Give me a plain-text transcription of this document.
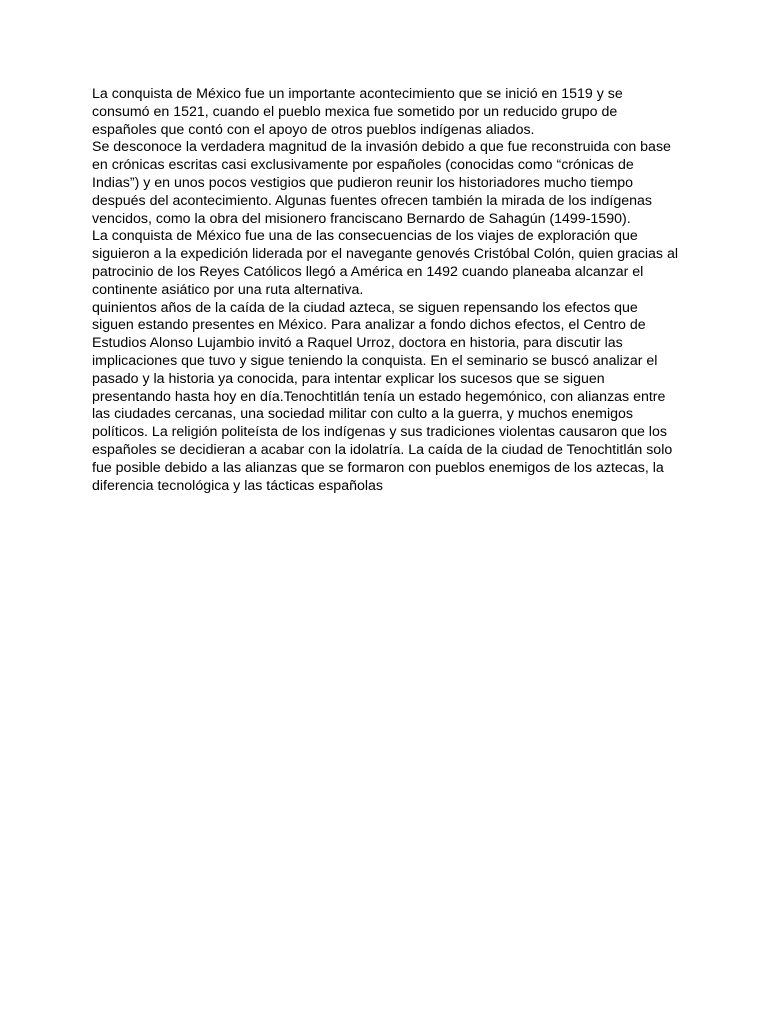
La conquista de México fue un importante acontecimiento que se inició en 1519 y se consumó en 1521, cuando el pueblo mexica fue sometido por un reducido grupo de españoles que contó con el apoyo de otros pueblos indígenas aliados.

Se desconoce la verdadera magnitud de la invasión debido a que fue reconstruida con base en crónicas escritas casi exclusivamente por españoles (conocidas como “crónicas de Indias”) y en unos pocos vestigios que pudieron reunir los historiadores mucho tiempo después del acontecimiento. Algunas fuentes ofrecen también la mirada de los indígenas vencidos, como la obra del misionero franciscano Bernardo de Sahagún (1499-1590).

La conquista de México fue una de las consecuencias de los viajes de exploración que siguieron a la expedición liderada por el navegante genovés Cristóbal Colón, quien gracias al patrocinio de los Reyes Católicos llegó a América en 1492 cuando planeaba alcanzar el continente asiático por una ruta alternativa.

quinientos años de la caída de la ciudad azteca, se siguen repensando los efectos que siguen estando presentes en México. Para analizar a fondo dichos efectos, el Centro de Estudios Alonso Lujambio invitó a Raquel Urroz, doctora en historia, para discutir las implicaciones que tuvo y sigue teniendo la conquista. En el seminario se buscó analizar el pasado y la historia ya conocida, para intentar explicar los sucesos que se siguen presentando hasta hoy en día.Tenochtitlán tenía un estado hegemónico, con alianzas entre las ciudades cercanas, una sociedad militar con culto a la guerra, y muchos enemigos políticos. La religión politeísta de los indígenas y sus tradiciones violentas causaron que los españoles se decidieran a acabar con la idolatría. La caída de la ciudad de Tenochtitlán solo fue posible debido a las alianzas que se formaron con pueblos enemigos de los aztecas, la diferencia tecnológica y las tácticas españolas
